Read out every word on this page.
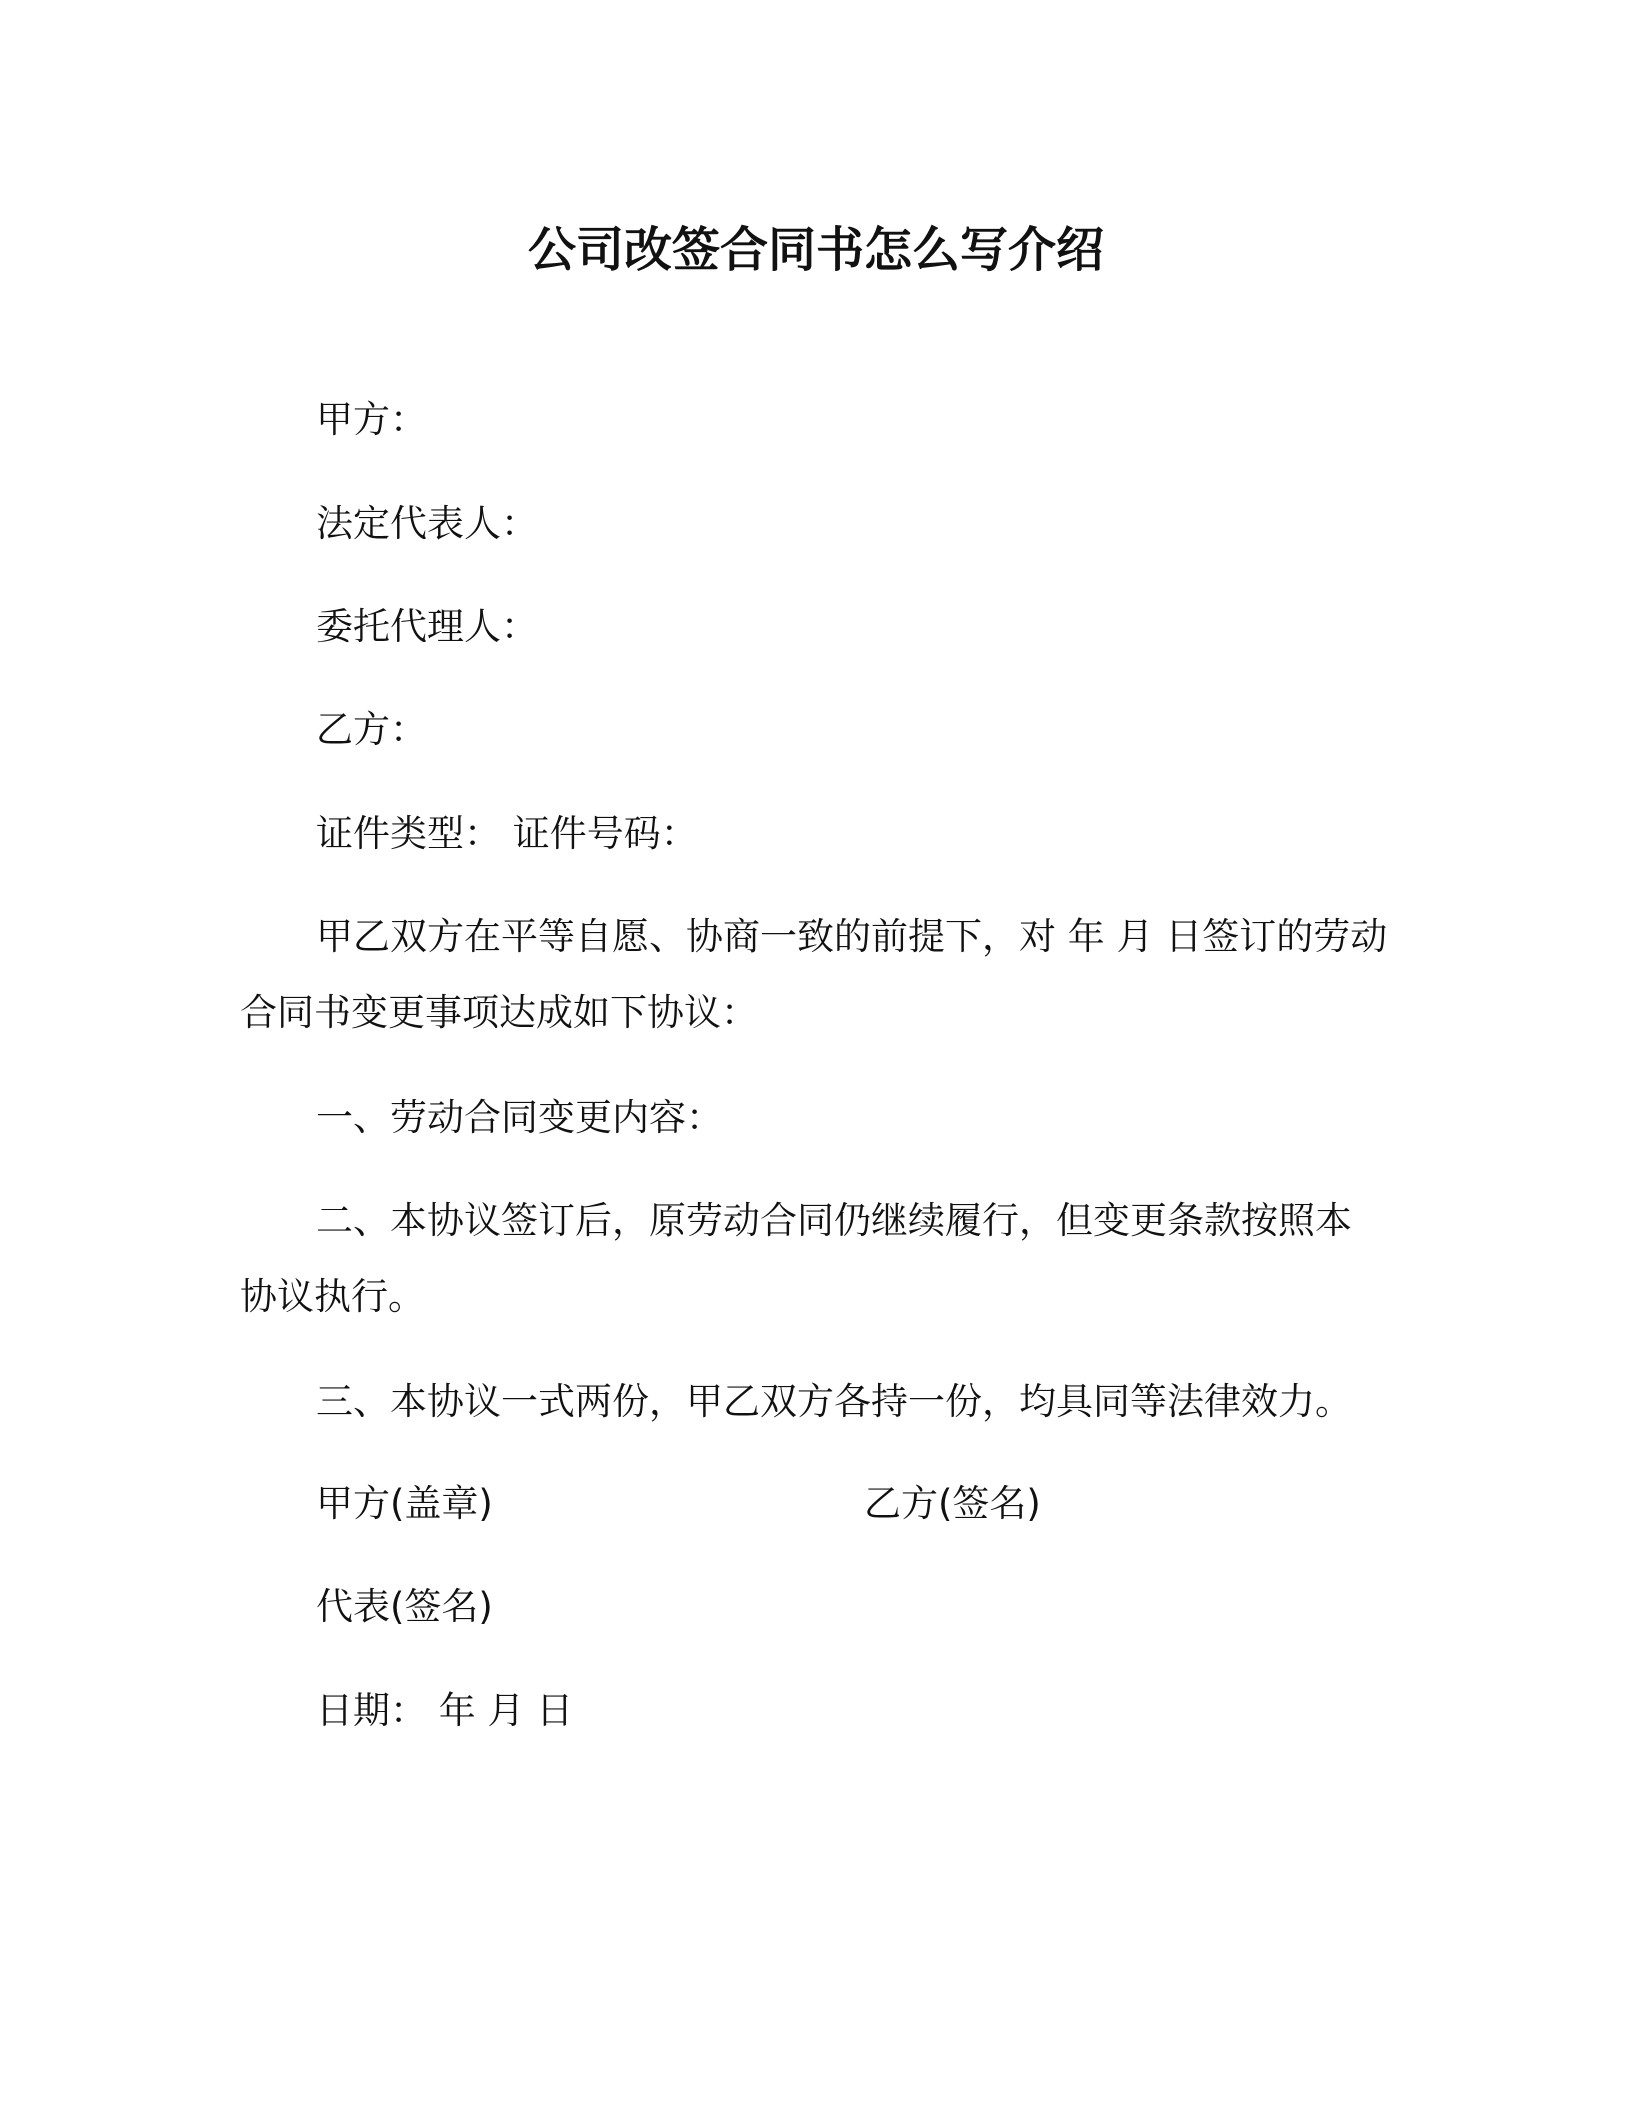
公司改签合同书怎么写介绍
甲方：
法定代表人：
委托代理人：
乙方：
证件类型： 证件号码：
甲乙双方在平等自愿、协商一致的前提下，对 年 月 日签订的劳动
合同书变更事项达成如下协议：
一、劳动合同变更内容：
二、本协议签订后，原劳动合同仍继续履行，但变更条款按照本
协议执行。
三、本协议一式两份，甲乙双方各持一份，均具同等法律效力。
甲方(盖章)	乙方(签名)
代表(签名)
日期： 年 月 日
